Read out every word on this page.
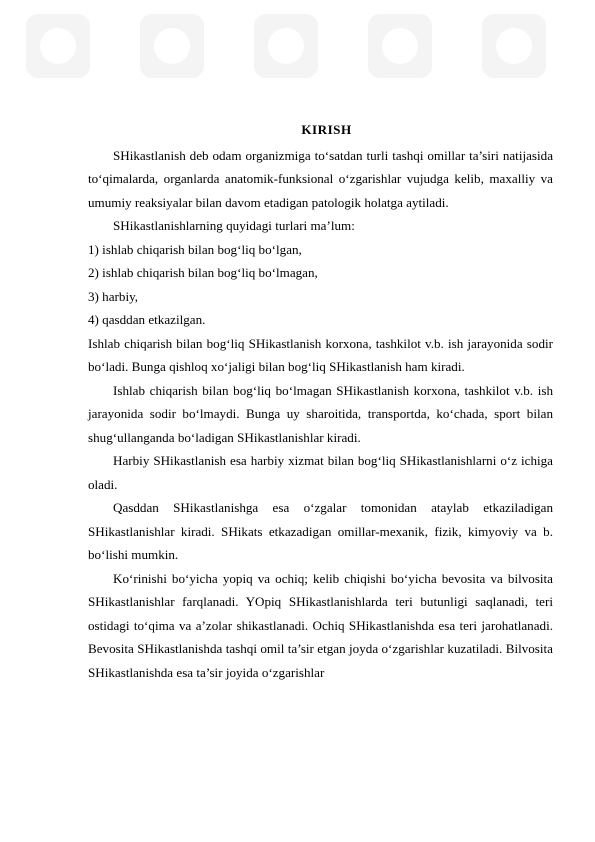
KIRISH

SHikastlanish deb odam organizmiga to‘satdan turli tashqi omillar ta’siri natijasida to‘qimalarda, organlarda anatomik-funksional o‘zgarishlar vujudga kelib, maxalliy va umumiy reaksiyalar bilan davom etadigan patologik holatga aytiladi.

SHikastlanishlarning quyidagi turlari ma’lum:

1) ishlab chiqarish bilan bog‘liq bo‘lgan,

2) ishlab chiqarish bilan bog‘liq bo‘lmagan,

3) harbiy,

4) qasddan etkazilgan.

Ishlab chiqarish bilan bog‘liq SHikastlanish korxona, tashkilot v.b. ish jarayonida sodir bo‘ladi. Bunga qishloq xo‘jaligi bilan bog‘liq SHikastlanish ham kiradi.

Ishlab chiqarish bilan bog‘liq bo‘lmagan SHikastlanish korxona, tashkilot v.b. ish jarayonida sodir bo‘lmaydi. Bunga uy sharoitida, transportda, ko‘chada, sport bilan shug‘ullanganda bo‘ladigan SHikastlanishlar kiradi.

Harbiy SHikastlanish esa harbiy xizmat bilan bog‘liq SHikastlanishlarni o‘z ichiga oladi.

Qasddan SHikastlanishga esa o‘zgalar tomonidan ataylab etkaziladigan SHikastlanishlar kiradi. SHikats etkazadigan omillar-mexanik, fizik, kimyoviy va b. bo‘lishi mumkin.

Ko‘rinishi bo‘yicha yopiq va ochiq; kelib chiqishi bo‘yicha bevosita va bilvosita SHikastlanishlar farqlanadi. YOpiq SHikastlanishlarda teri butunligi saqlanadi, teri ostidagi to‘qima va a’zolar shikastlanadi. Ochiq SHikastlanishda esa teri jarohatlanadi. Bevosita SHikastlanishda tashqi omil ta’sir etgan joyda o‘zgarishlar kuzatiladi. Bilvosita SHikastlanishda esa ta’sir joyida o‘zgarishlar
